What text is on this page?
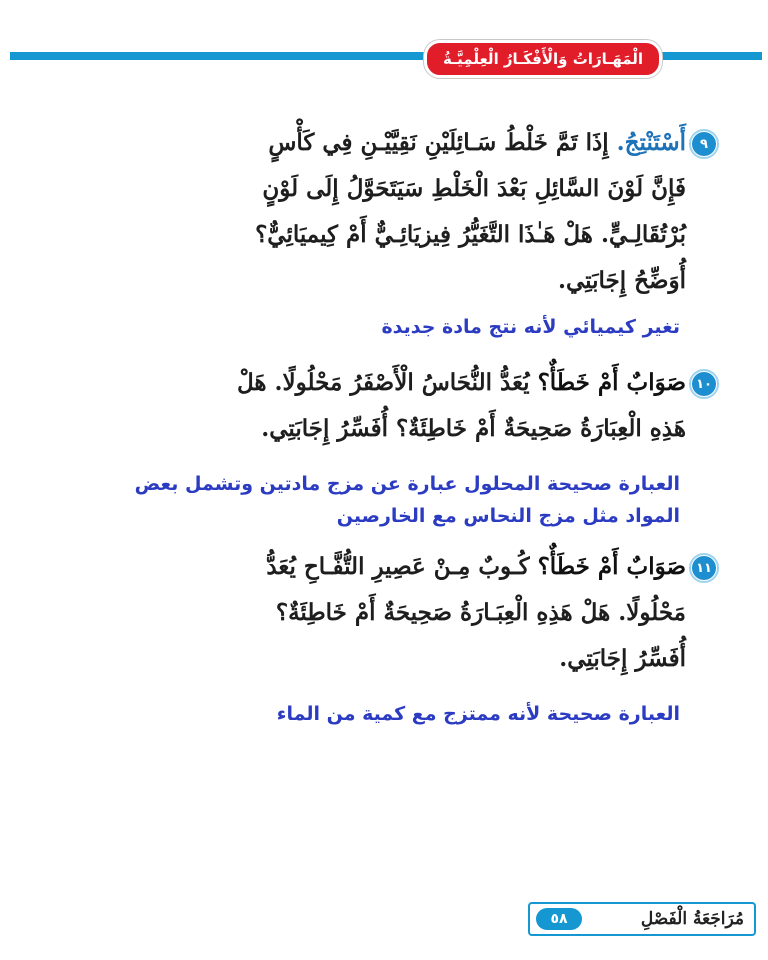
الْمَهَـارَاتُ وَالْأَفْكَـارُ الْعِلْمِيَّـةُ
٩
أَسْتَنْتِجُ. إِذَا تَمَّ خَلْطُ سَـائِلَيْنِ نَقِيَّيْـنِ فِي كَأْسٍ
فَإِنَّ لَوْنَ السَّائِلِ بَعْدَ الْخَلْطِ سَيَتَحَوَّلُ إِلَى لَوْنٍ
بُرْتُقَالِـيٍّ. هَلْ هَـٰذَا التَّغَيُّرُ فِيزيَائِـيٌّ أَمْ كِيميَائِيٌّ؟
أُوَضِّحُ إِجَابَتِي.
تغير كيميائي لأنه نتج مادة جديدة
١٠
صَوَابٌ أَمْ خَطَأٌ؟ يُعَدُّ النُّحَاسُ الْأَصْفَرُ مَحْلُولًا. هَلْ
هَذِهِ الْعِبَارَةُ صَحِيحَةٌ أَمْ خَاطِئَةٌ؟ أُفَسِّرُ إِجَابَتِي.
العبارة صحيحة المحلول عبارة عن مزج مادتين وتشمل بعض
المواد مثل مزج النحاس مع الخارصين
١١
صَوَابٌ أَمْ خَطَأٌ؟ كُـوبٌ مِـنْ عَصِيرِ التُّفَّـاحِ يُعَدُّ
مَحْلُولًا. هَلْ هَذِهِ الْعِبَـارَةُ صَحِيحَةٌ أَمْ خَاطِئَةٌ؟
أُفَسِّرُ إِجَابَتِي.
العبارة صحيحة لأنه ممتزج مع كمية من الماء
مُرَاجَعَةُ الْفَصْلِ
٥٨
